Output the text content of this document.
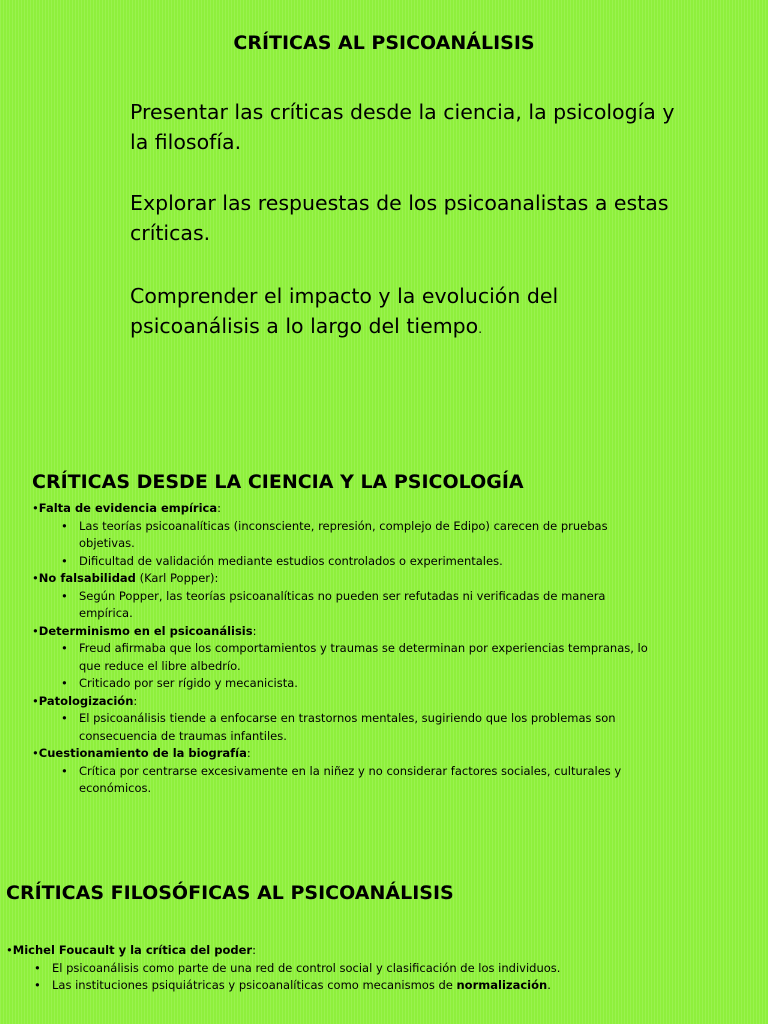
CRÍTICAS AL PSICOANÁLISIS
Presentar las críticas desde la ciencia, la psicología y la filosofía.
Explorar las respuestas de los psicoanalistas a estas críticas.
Comprender el impacto y la evolución del psicoanálisis a lo largo del tiempo.
CRÍTICAS DESDE LA CIENCIA Y LA PSICOLOGÍA

•Falta de evidencia empírica:

• Las teorías psicoanalíticas (inconsciente, represión, complejo de Edipo) carecen de pruebas objetivas.
• Dificultad de validación mediante estudios controlados o experimentales.

•No falsabilidad (Karl Popper):

• Según Popper, las teorías psicoanalíticas no pueden ser refutadas ni verificadas de manera empírica.

•Determinismo en el psicoanálisis:

• Freud afirmaba que los comportamientos y traumas se determinan por experiencias tempranas, lo que reduce el libre albedrío.
• Criticado por ser rígido y mecanicista.

•Patologización:

• El psicoanálisis tiende a enfocarse en trastornos mentales, sugiriendo que los problemas son consecuencia de traumas infantiles.

•Cuestionamiento de la biografía:

• Crítica por centrarse excesivamente en la niñez y no considerar factores sociales, culturales y económicos.
CRÍTICAS FILOSÓFICAS AL PSICOANÁLISIS

•Michel Foucault y la crítica del poder:

• El psicoanálisis como parte de una red de control social y clasificación de los individuos.
• Las instituciones psiquiátricas y psicoanalíticas como mecanismos de normalización.
